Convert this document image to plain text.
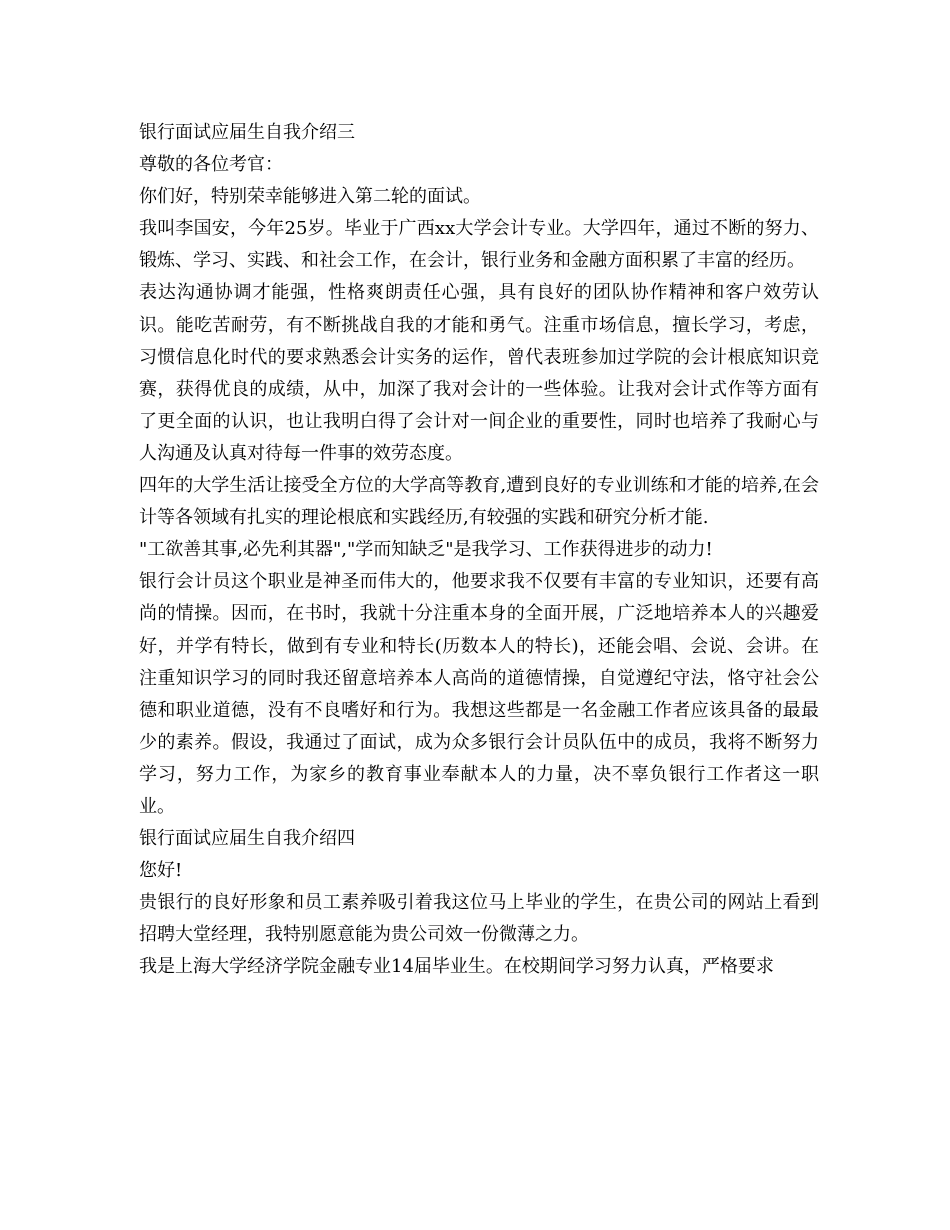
银行面试应届生自我介绍三

尊敬的各位考官：

你们好，特别荣幸能够进入第二轮的面试。

我叫李国安，今年25岁。毕业于广西xx大学会计专业。大学四年，通过不断的努力、锻炼、学习、实践、和社会工作，在会计，银行业务和金融方面积累了丰富的经历。

表达沟通协调才能强，性格爽朗责任心强，具有良好的团队协作精神和客户效劳认识。能吃苦耐劳，有不断挑战自我的才能和勇气。注重市场信息，擅长学习，考虑，习惯信息化时代的要求熟悉会计实务的运作，曾代表班参加过学院的会计根底知识竞赛，获得优良的成绩，从中，加深了我对会计的一些体验。让我对会计式作等方面有了更全面的认识，也让我明白得了会计对一间企业的重要性，同时也培养了我耐心与人沟通及认真对待每一件事的效劳态度。

四年的大学生活让接受全方位的大学高等教育,遭到良好的专业训练和才能的培养,在会计等各领域有扎实的理论根底和实践经历,有较强的实践和研究分析才能.

"工欲善其事,必先利其器","学而知缺乏"是我学习、工作获得进步的动力!

银行会计员这个职业是神圣而伟大的，他要求我不仅要有丰富的专业知识，还要有高尚的情操。因而，在书时，我就十分注重本身的全面开展，广泛地培养本人的兴趣爱好，并学有特长，做到有专业和特长(历数本人的特长)，还能会唱、会说、会讲。在注重知识学习的同时我还留意培养本人高尚的道德情操，自觉遵纪守法，恪守社会公德和职业道德，没有不良嗜好和行为。我想这些都是一名金融工作者应该具备的最最少的素养。假设，我通过了面试，成为众多银行会计员队伍中的成员，我将不断努力学习，努力工作，为家乡的教育事业奉献本人的力量，决不辜负银行工作者这一职业。

银行面试应届生自我介绍四

您好!

贵银行的良好形象和员工素养吸引着我这位马上毕业的学生，在贵公司的网站上看到招聘大堂经理，我特别愿意能为贵公司效一份微薄之力。

我是上海大学经济学院金融专业14届毕业生。在校期间学习努力认真，严格要求
